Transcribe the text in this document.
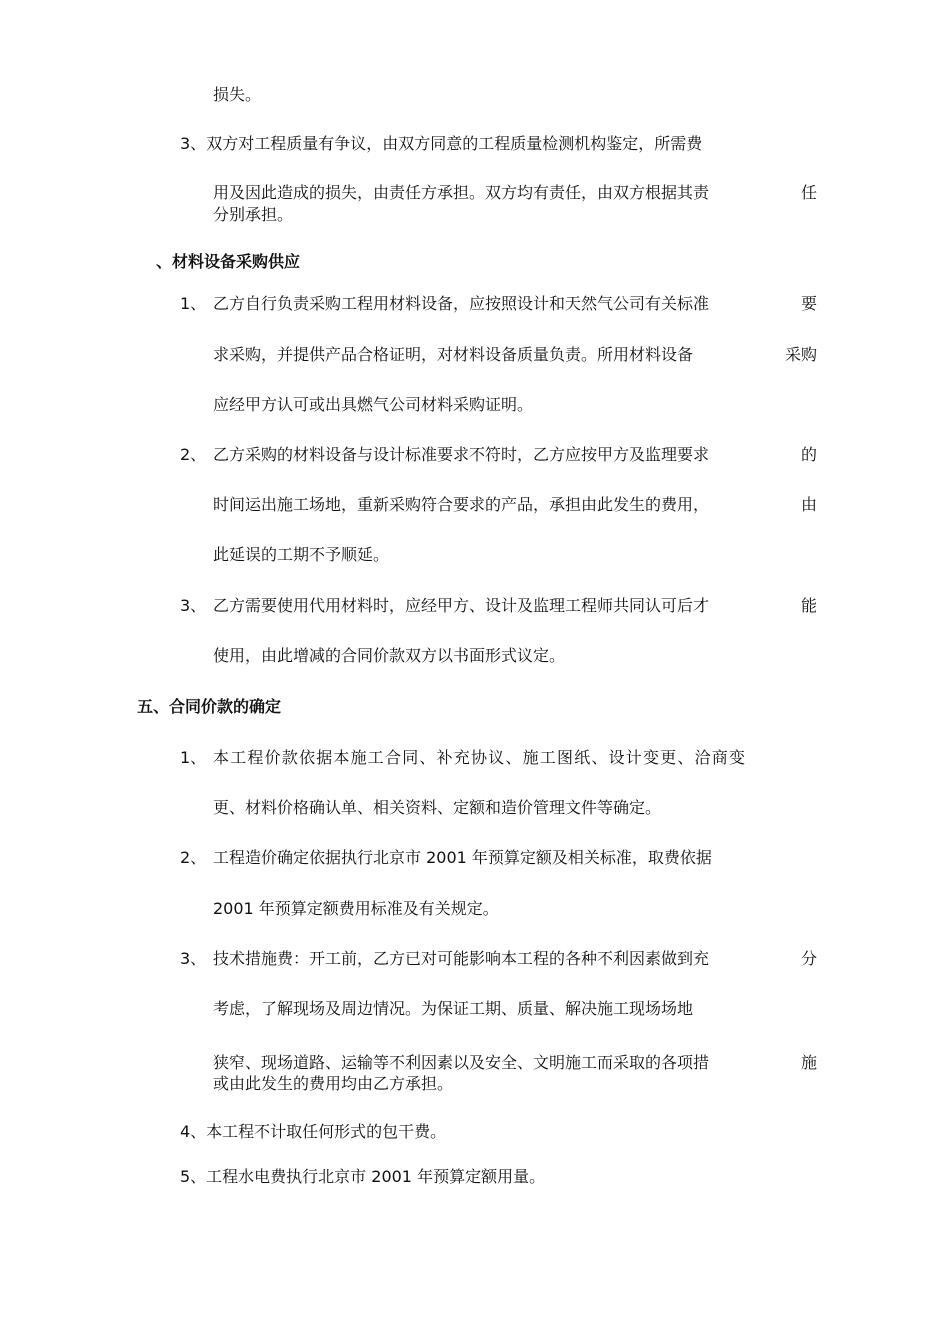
损失。
3、双方对工程质量有争议，由双方同意的工程质量检测机构鉴定，所需费
用及因此造成的损失，由责任方承担。双方均有责任，由双方根据其责	任
分别承担。
、材料设备采购供应
1、 乙方自行负责采购工程用材料设备，应按照设计和天然气公司有关标准	要
求采购，并提供产品合格证明，对材料设备质量负责。所用材料设备	采购
应经甲方认可或出具燃气公司材料采购证明。
2、 乙方采购的材料设备与设计标准要求不符时，乙方应按甲方及监理要求	的
时间运出施工场地，重新采购符合要求的产品，承担由此发生的费用，	由
此延误的工期不予顺延。
3、 乙方需要使用代用材料时，应经甲方、设计及监理工程师共同认可后才	能
使用，由此增减的合同价款双方以书面形式议定。
五、合同价款的确定
1、 本工程价款依据本施工合同、补充协议、施工图纸、设计变更、洽商变
更、材料价格确认单、相关资料、定额和造价管理文件等确定。
2、 工程造价确定依据执行北京市 2001 年预算定额及相关标准，取费依据
2001 年预算定额费用标准及有关规定。
3、 技术措施费：开工前，乙方已对可能影响本工程的各种不利因素做到充	分
考虑，了解现场及周边情况。为保证工期、质量、解决施工现场场地
狭窄、现场道路、运输等不利因素以及安全、文明施工而采取的各项措	施
或由此发生的费用均由乙方承担。
4、本工程不计取任何形式的包干费。
5、工程水电费执行北京市 2001 年预算定额用量。
